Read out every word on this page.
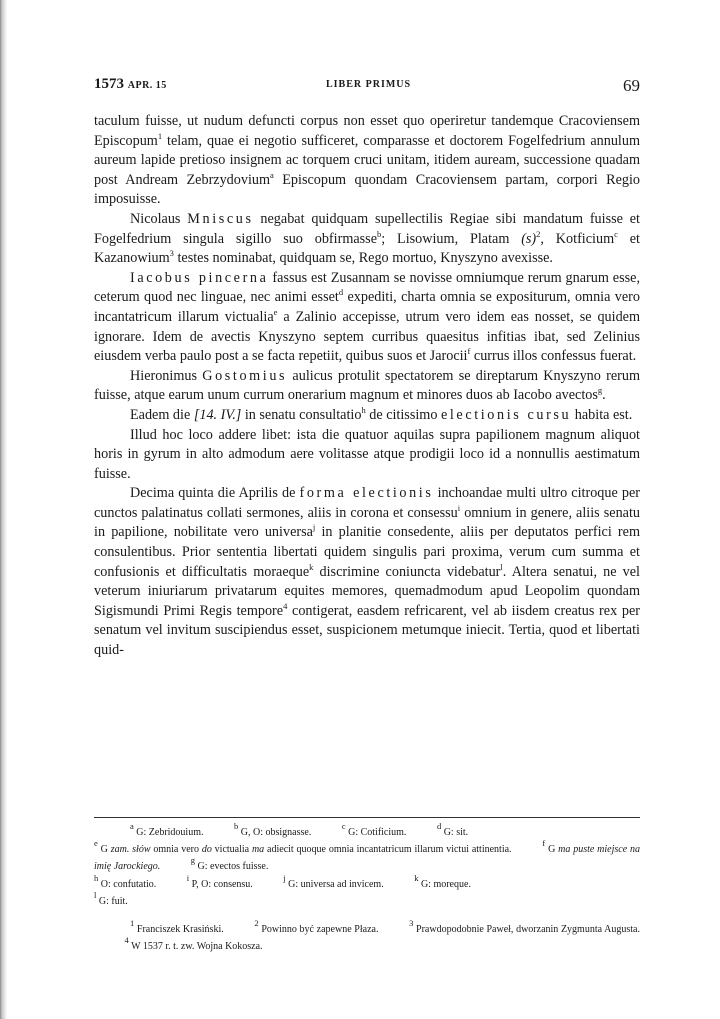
1573 APR. 15	LIBER PRIMUS	69

taculum fuisse, ut nudum defuncti corpus non esset quo operiretur tandemque Cracoviensem Episcopum$^1$ telam, quae ei negotio sufficeret, comparasse et doctorem Fogelfedrium annulum aureum lapide pretioso insignem ac torquem cruci unitam, itidem auream, successione quadam post Andream Zebrzydovium$^a$ Episcopum quondam Cracoviensem partam, corpori Regio imposuisse.

Nicolaus Mniscus negabat quidquam supellectilis Regiae sibi mandatum fuisse et Fogelfedrium singula sigillo suo obfirmasse$^b$; Lisowium, Platam $(s)^2$, Kotficium$^c$ et Kazanowium$^3$ testes nominabat, quidquam se, Rego mortuo, Knyszyno avexisse.

Iacobus pincerna fassus est Zusannam se novisse omniumque rerum gnarum esse, ceterum quod nec linguae, nec animi esset$^d$ expediti, charta omnia se expositurum, omnia vero incantatricum illarum victualia$^e$ a Zalinio accepisse, utrum vero idem eas nosset, se quidem ignorare. Idem de avectis Knyszyno septem curribus quaesitus infitias ibat, sed Zelinius eiusdem verba paulo post a se facta repetiit, quibus suos et Jarocii$^f$ currus illos confessus fuerat.

Hieronimus Gostomius aulicus protulit spectatorem se direptarum Knyszyno rerum fuisse, atque earum unum currum onerarium magnum et minores duos ab Iacobo avectos$^g$.

Eadem die [14. IV.] in senatu consultatio$^h$ de citissimo electionis cursu habita est.

Illud hoc loco addere libet: ista die quatuor aquilas supra papilionem magnum aliquot horis in gyrum in alto admodum aere volitasse atque prodigii loco id a nonnullis aestimatum fuisse.

Decima quinta die Aprilis de forma electionis inchoandae multi ultro citroque per cunctos palatinatus collati sermones, aliis in corona et consessu$^i$ omnium in genere, aliis senatu in papilione, nobilitate vero universa$^j$ in planitie consedente, aliis per deputatos perfici rem consulentibus. Prior sententia libertati quidem singulis pari proxima, verum cum summa et confusionis et difficultatis moraeque$^k$ discrimine coniuncta videbatur$^l$. Altera senatui, ne vel veterum iniuriarum privatarum equites memores, quemadmodum apud Leopolim quondam Sigismundi Primi Regis tempore$^4$ contigerat, easdem refricarent, vel ab iisdem creatus rex per senatum vel invitum suscipiendus esset, suspicionem metumque iniecit. Tertia, quod et libertati quid-

$^a$ G: Zebridouium. $^b$ G, O: obsignasse. $^c$ G: Cotificium. $^d$ G: sit.
$^e$ G zam. słów omnia vero do victualia ma adiecit quoque omnia incantatricum illarum victui attinentia. $^f$ G ma puste miejsce na imię Jarockiego. $^g$ G: evectos fuisse.
$^h$ O: confutatio. $^i$ P, O: consensu. $^j$ G: universa ad invicem. $^k$ G: moreque.
$^l$ G: fuit.

$^1$ Franciszek Krasiński. $^2$ Powinno być zapewne Płaza. $^3$ Prawdopodobnie Paweł, dworzanin Zygmunta Augusta. $^4$ W 1537 r. t. zw. Wojna Kokosza.
